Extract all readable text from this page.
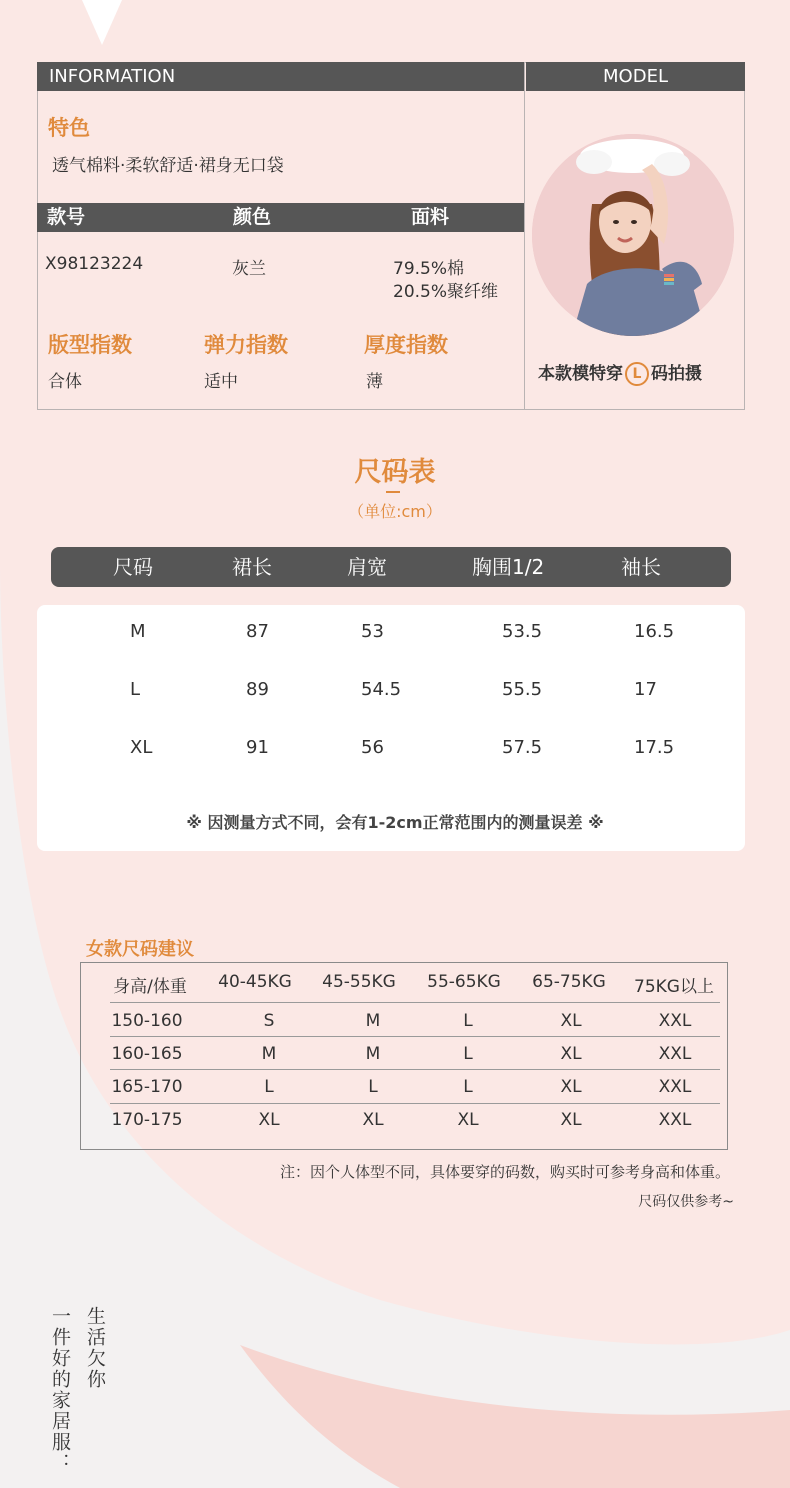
INFORMATION	MODEL
特色
透气棉料·柔软舒适·裙身无口袋
款号	颜色	面料
X98123224	灰兰	79.5%棉
20.5%聚纤维
版型指数	弹力指数	厚度指数
合体	适中	薄	本款模特穿 L 码拍摄
尺码表
（单位:cm）
尺码	裙长	肩宽	胸围1/2	袖长
M	87	53	53.5	16.5
L	89	54.5	55.5	17
XL	91	56	57.5	17.5
※ 因测量方式不同，会有1-2cm正常范围内的测量误差 ※
女款尺码建议
身高/体重	40-45KG	45-55KG	55-65KG	65-75KG	75KG以上
150-160	S	M	L	XL	XXL
160-165	M	M	L	XL	XXL
165-170	L	L	L	XL	XXL
170-175	XL	XL	XL	XL	XXL
注：因个人体型不同，具体要穿的码数，购买时可参考身高和体重。
尺码仅供参考~
生活欠你
一件好的家居服：
